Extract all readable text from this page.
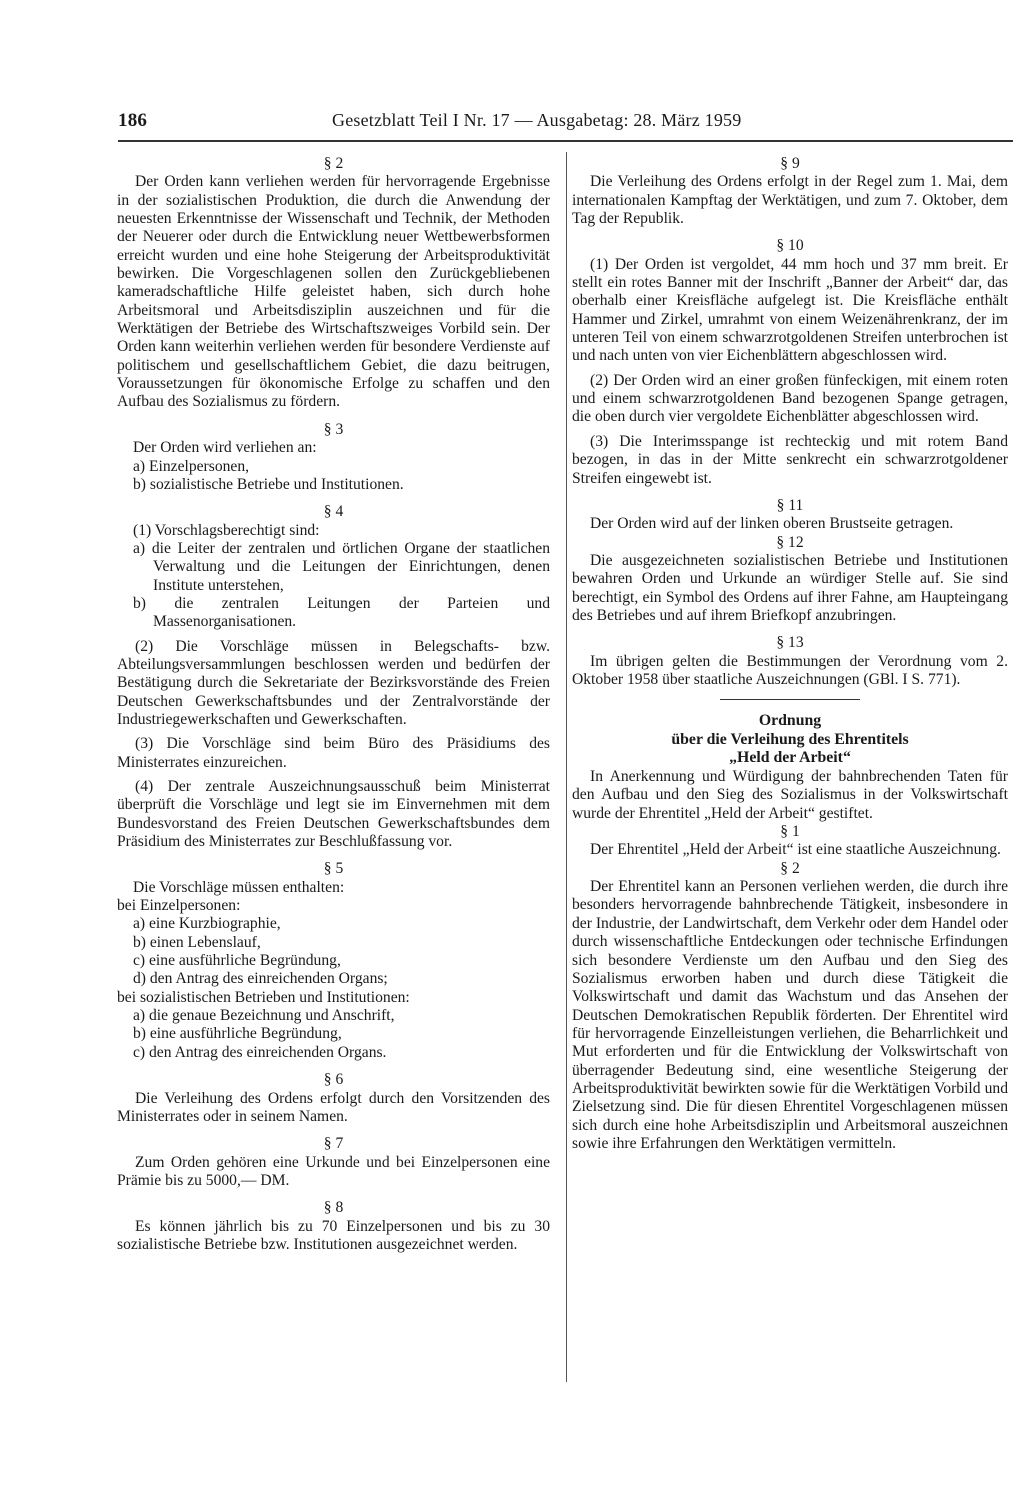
186	Gesetzblatt Teil I Nr. 17 — Ausgabetag: 28. März 1959

§ 2

Der Orden kann verliehen werden für hervorragende Ergebnisse in der sozialistischen Produktion, die durch die Anwendung der neuesten Erkenntnisse der Wissenschaft und Technik, der Methoden der Neuerer oder durch die Entwicklung neuer Wettbewerbsformen erreicht wurden und eine hohe Steigerung der Arbeitsproduktivität bewirken. Die Vorgeschlagenen sollen den Zurückgebliebenen kameradschaftliche Hilfe geleistet haben, sich durch hohe Arbeitsmoral und Arbeitsdisziplin auszeichnen und für die Werktätigen der Betriebe des Wirtschaftszweiges Vorbild sein. Der Orden kann weiterhin verliehen werden für besondere Verdienste auf politischem und gesellschaftlichem Gebiet, die dazu beitrugen, Voraussetzungen für ökonomische Erfolge zu schaffen und den Aufbau des Sozialismus zu fördern.

§ 3

Der Orden wird verliehen an:

a) Einzelpersonen,

b) sozialistische Betriebe und Institutionen.

§ 4

(1) Vorschlagsberechtigt sind:

a) die Leiter der zentralen und örtlichen Organe der staatlichen Verwaltung und die Leitungen der Einrichtungen, denen Institute unterstehen,

b) die zentralen Leitungen der Parteien und Massenorganisationen.

(2) Die Vorschläge müssen in Belegschafts- bzw. Abteilungsversammlungen beschlossen werden und bedürfen der Bestätigung durch die Sekretariate der Bezirksvorstände des Freien Deutschen Gewerkschaftsbundes und der Zentralvorstände der Industriegewerkschaften und Gewerkschaften.

(3) Die Vorschläge sind beim Büro des Präsidiums des Ministerrates einzureichen.

(4) Der zentrale Auszeichnungsausschuß beim Ministerrat überprüft die Vorschläge und legt sie im Einvernehmen mit dem Bundesvorstand des Freien Deutschen Gewerkschaftsbundes dem Präsidium des Ministerrates zur Beschlußfassung vor.

§ 5

Die Vorschläge müssen enthalten:

bei Einzelpersonen:

a) eine Kurzbiographie,

b) einen Lebenslauf,

c) eine ausführliche Begründung,

d) den Antrag des einreichenden Organs;

bei sozialistischen Betrieben und Institutionen:

a) die genaue Bezeichnung und Anschrift,

b) eine ausführliche Begründung,

c) den Antrag des einreichenden Organs.

§ 6

Die Verleihung des Ordens erfolgt durch den Vorsitzenden des Ministerrates oder in seinem Namen.

§ 7

Zum Orden gehören eine Urkunde und bei Einzelpersonen eine Prämie bis zu 5000,— DM.

§ 8

Es können jährlich bis zu 70 Einzelpersonen und bis zu 30 sozialistische Betriebe bzw. Institutionen ausgezeichnet werden.

§ 9

Die Verleihung des Ordens erfolgt in der Regel zum 1. Mai, dem internationalen Kampftag der Werktätigen, und zum 7. Oktober, dem Tag der Republik.

§ 10

(1) Der Orden ist vergoldet, 44 mm hoch und 37 mm breit. Er stellt ein rotes Banner mit der Inschrift „Banner der Arbeit“ dar, das oberhalb einer Kreisfläche aufgelegt ist. Die Kreisfläche enthält Hammer und Zirkel, umrahmt von einem Weizenährenkranz, der im unteren Teil von einem schwarzrotgoldenen Streifen unterbrochen ist und nach unten von vier Eichenblättern abgeschlossen wird.

(2) Der Orden wird an einer großen fünfeckigen, mit einem roten und einem schwarzrotgoldenen Band bezogenen Spange getragen, die oben durch vier vergoldete Eichenblätter abgeschlossen wird.

(3) Die Interimsspange ist rechteckig und mit rotem Band bezogen, in das in der Mitte senkrecht ein schwarzrotgoldener Streifen eingewebt ist.

§ 11

Der Orden wird auf der linken oberen Brustseite getragen.

§ 12

Die ausgezeichneten sozialistischen Betriebe und Institutionen bewahren Orden und Urkunde an würdiger Stelle auf. Sie sind berechtigt, ein Symbol des Ordens auf ihrer Fahne, am Haupteingang des Betriebes und auf ihrem Briefkopf anzubringen.

§ 13

Im übrigen gelten die Bestimmungen der Verordnung vom 2. Oktober 1958 über staatliche Auszeichnungen (GBl. I S. 771).

Ordnung

über die Verleihung des Ehrentitels

„Held der Arbeit“

In Anerkennung und Würdigung der bahnbrechenden Taten für den Aufbau und den Sieg des Sozialismus in der Volkswirtschaft wurde der Ehrentitel „Held der Arbeit“ gestiftet.

§ 1

Der Ehrentitel „Held der Arbeit“ ist eine staatliche Auszeichnung.

§ 2

Der Ehrentitel kann an Personen verliehen werden, die durch ihre besonders hervorragende bahnbrechende Tätigkeit, insbesondere in der Industrie, der Landwirtschaft, dem Verkehr oder dem Handel oder durch wissenschaftliche Entdeckungen oder technische Erfindungen sich besondere Verdienste um den Aufbau und den Sieg des Sozialismus erworben haben und durch diese Tätigkeit die Volkswirtschaft und damit das Wachstum und das Ansehen der Deutschen Demokratischen Republik förderten. Der Ehrentitel wird für hervorragende Einzelleistungen verliehen, die Beharrlichkeit und Mut erforderten und für die Entwicklung der Volkswirtschaft von überragender Bedeutung sind, eine wesentliche Steigerung der Arbeitsproduktivität bewirkten sowie für die Werktätigen Vorbild und Zielsetzung sind. Die für diesen Ehrentitel Vorgeschlagenen müssen sich durch eine hohe Arbeitsdisziplin und Arbeitsmoral auszeichnen sowie ihre Erfahrungen den Werktätigen vermitteln.
